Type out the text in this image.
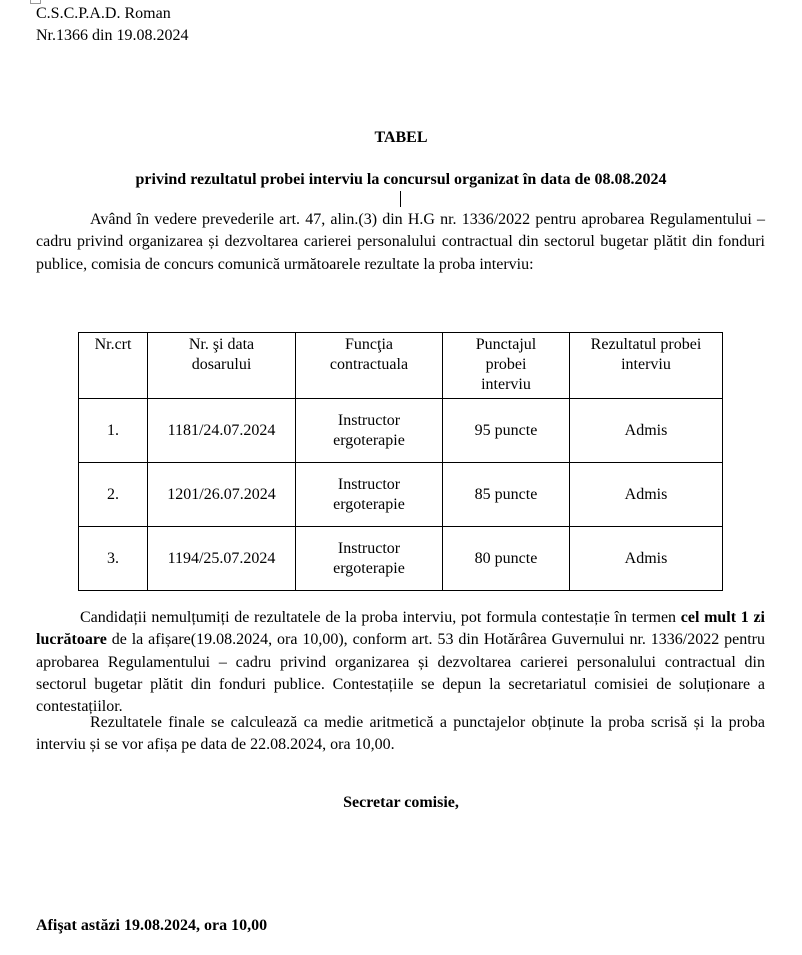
C.S.C.P.A.D. Roman
Nr.1366 din 19.08.2024
TABEL
privind rezultatul probei interviu la concursul organizat în data de 08.08.2024

Având în vedere prevederile art. 47, alin.(3) din H.G nr. 1336/2022 pentru aprobarea Regulamentului – cadru privind organizarea și dezvoltarea carierei personalului contractual din sectorul bugetar plătit din fonduri publice, comisia de concurs comunică următoarele rezultate la proba interviu:

Nr.crt	Nr. şi data dosarului	Funcţia contractuala	Punctajul probei interviu	Rezultatul probei interviu

1.	1181/24.07.2024	Instructor ergoterapie	95 puncte	Admis
2.	1201/26.07.2024	Instructor ergoterapie	85 puncte	Admis
3.	1194/25.07.2024	Instructor ergoterapie	80 puncte	Admis

Candidații nemulțumiți de rezultatele de la proba interviu, pot formula contestație în termen cel mult 1 zi lucrătoare de la afișare(19.08.2024, ora 10,00), conform art. 53 din Hotărârea Guvernului nr. 1336/2022 pentru aprobarea Regulamentului – cadru privind organizarea și dezvoltarea carierei personalului contractual din sectorul bugetar plătit din fonduri publice. Contestațiile se depun la secretariatul comisiei de soluționare a contestațiilor.

Rezultatele finale se calculează ca medie aritmetică a punctajelor obținute la proba scrisă și la proba interviu și se vor afișa pe data de 22.08.2024, ora 10,00.

Secretar comisie,
Afişat astăzi 19.08.2024, ora 10,00
